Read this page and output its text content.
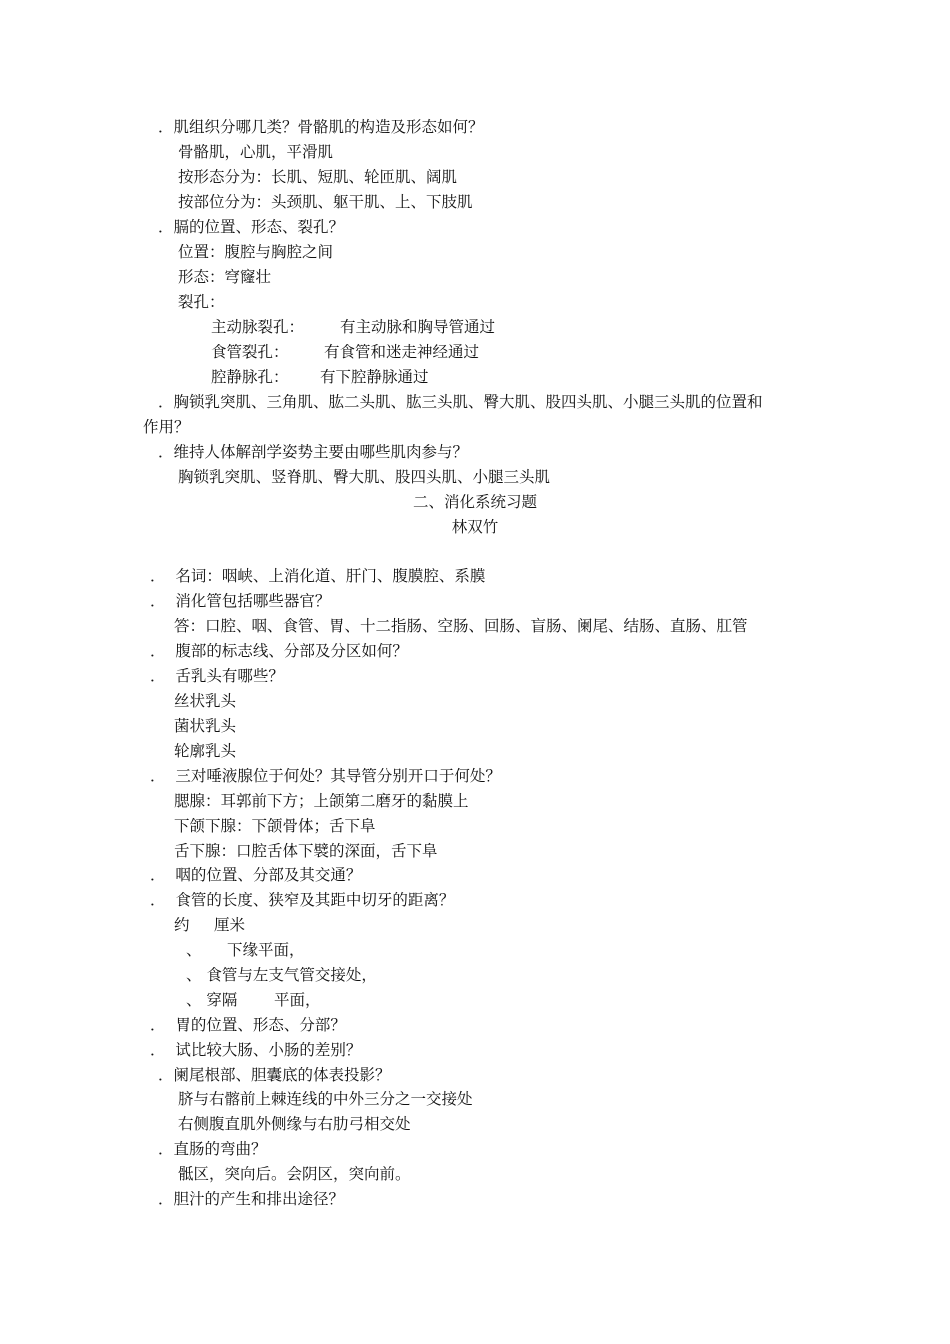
．肌组织分哪几类？骨骼肌的构造及形态如何？
骨骼肌，心肌，平滑肌
按形态分为：长肌、短肌、轮匝肌、阔肌
按部位分为：头颈肌、躯干肌、上、下肢肌
．膈的位置、形态、裂孔？
位置：腹腔与胸腔之间
形态：穹窿壮
裂孔：
主动脉裂孔： 有主动脉和胸导管通过
食管裂孔： 有食管和迷走神经通过
腔静脉孔： 有下腔静脉通过
．胸锁乳突肌、三角肌、肱二头肌、肱三头肌、臀大肌、股四头肌、小腿三头肌的位置和
作用？
．维持人体解剖学姿势主要由哪些肌肉参与？
胸锁乳突肌、竖脊肌、臀大肌、股四头肌、小腿三头肌
二、消化系统习题
林双竹
．  名词：咽峡、上消化道、肝门、腹膜腔、系膜
．  消化管包括哪些器官？
答：口腔、咽、食管、胃、十二指肠、空肠、回肠、盲肠、阑尾、结肠、直肠、肛管
．  腹部的标志线、分部及分区如何？
．  舌乳头有哪些？
丝状乳头
菌状乳头
轮廓乳头
．  三对唾液腺位于何处？其导管分别开口于何处？
腮腺：耳郭前下方；上颌第二磨牙的黏膜上
下颌下腺：下颌骨体；舌下阜
舌下腺：口腔舌体下襞的深面，舌下阜
．  咽的位置、分部及其交通？
．  食管的长度、狭窄及其距中切牙的距离？
约 厘米
、 下缘平面，
、 食管与左支气管交接处，
、 穿隔 平面，
．  胃的位置、形态、分部？
．  试比较大肠、小肠的差别？
．阑尾根部、胆囊底的体表投影？
脐与右髂前上棘连线的中外三分之一交接处
右侧腹直肌外侧缘与右肋弓相交处
．直肠的弯曲？
骶区，突向后。会阴区，突向前。
．胆汁的产生和排出途径？
